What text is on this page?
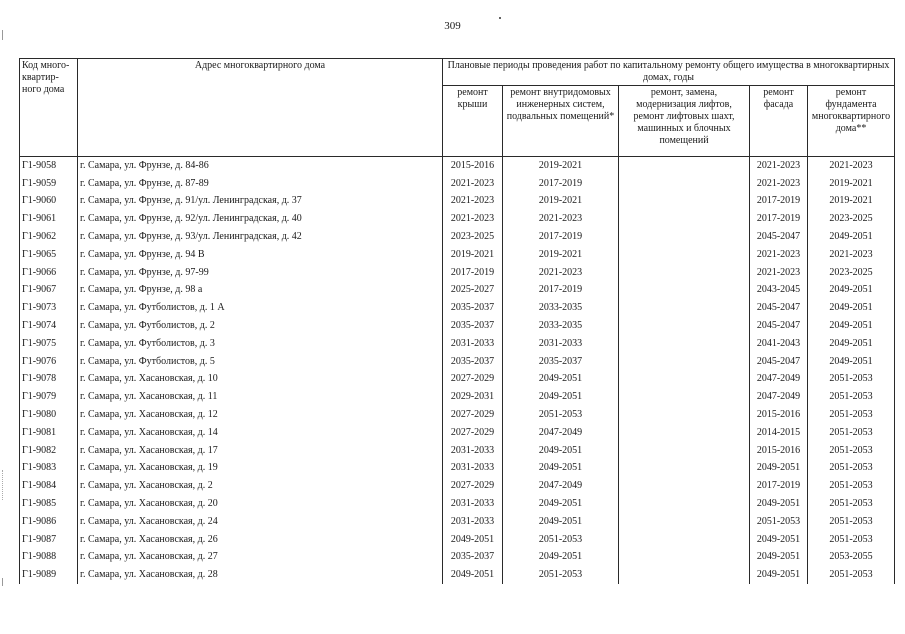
309
Код много-квартир-ного дома	Адрес многоквартирного дома	Плановые периоды проведения работ по капитальному ремонту общего имущества в многоквартирных домах, годы				
		ремонт крыши	ремонт внутридомовых инженерных систем, подвальных помещений*	ремонт, замена, модернизация лифтов, ремонт лифтовых шахт, машинных и блочных помещений	ремонт фасада	ремонт фундамента многоквартирного дома**
Г1-9058	г. Самара, ул. Фрунзе, д. 84-86	2015-2016	2019-2021		2021-2023	2021-2023
Г1-9059	г. Самара, ул. Фрунзе, д. 87-89	2021-2023	2017-2019		2021-2023	2019-2021
Г1-9060	г. Самара, ул. Фрунзе, д. 91/ул. Ленинградская, д. 37	2021-2023	2019-2021		2017-2019	2019-2021
Г1-9061	г. Самара, ул. Фрунзе, д. 92/ул. Ленинградская, д. 40	2021-2023	2021-2023		2017-2019	2023-2025
Г1-9062	г. Самара, ул. Фрунзе, д. 93/ул. Ленинградская, д. 42	2023-2025	2017-2019		2045-2047	2049-2051
Г1-9065	г. Самара, ул. Фрунзе, д. 94 В	2019-2021	2019-2021		2021-2023	2021-2023
Г1-9066	г. Самара, ул. Фрунзе, д. 97-99	2017-2019	2021-2023		2021-2023	2023-2025
Г1-9067	г. Самара, ул. Фрунзе, д. 98 а	2025-2027	2017-2019		2043-2045	2049-2051
Г1-9073	г. Самара, ул. Футболистов, д. 1 А	2035-2037	2033-2035		2045-2047	2049-2051
Г1-9074	г. Самара, ул. Футболистов, д. 2	2035-2037	2033-2035		2045-2047	2049-2051
Г1-9075	г. Самара, ул. Футболистов, д. 3	2031-2033	2031-2033		2041-2043	2049-2051
Г1-9076	г. Самара, ул. Футболистов, д. 5	2035-2037	2035-2037		2045-2047	2049-2051
Г1-9078	г. Самара, ул. Хасановская, д. 10	2027-2029	2049-2051		2047-2049	2051-2053
Г1-9079	г. Самара, ул. Хасановская, д. 11	2029-2031	2049-2051		2047-2049	2051-2053
Г1-9080	г. Самара, ул. Хасановская, д. 12	2027-2029	2051-2053		2015-2016	2051-2053
Г1-9081	г. Самара, ул. Хасановская, д. 14	2027-2029	2047-2049		2014-2015	2051-2053
Г1-9082	г. Самара, ул. Хасановская, д. 17	2031-2033	2049-2051		2015-2016	2051-2053
Г1-9083	г. Самара, ул. Хасановская, д. 19	2031-2033	2049-2051		2049-2051	2051-2053
Г1-9084	г. Самара, ул. Хасановская, д. 2	2027-2029	2047-2049		2017-2019	2051-2053
Г1-9085	г. Самара, ул. Хасановская, д. 20	2031-2033	2049-2051		2049-2051	2051-2053
Г1-9086	г. Самара, ул. Хасановская, д. 24	2031-2033	2049-2051		2051-2053	2051-2053
Г1-9087	г. Самара, ул. Хасановская, д. 26	2049-2051	2051-2053		2049-2051	2051-2053
Г1-9088	г. Самара, ул. Хасановская, д. 27	2035-2037	2049-2051		2049-2051	2053-2055
Г1-9089	г. Самара, ул. Хасановская, д. 28	2049-2051	2051-2053		2049-2051	2051-2053
